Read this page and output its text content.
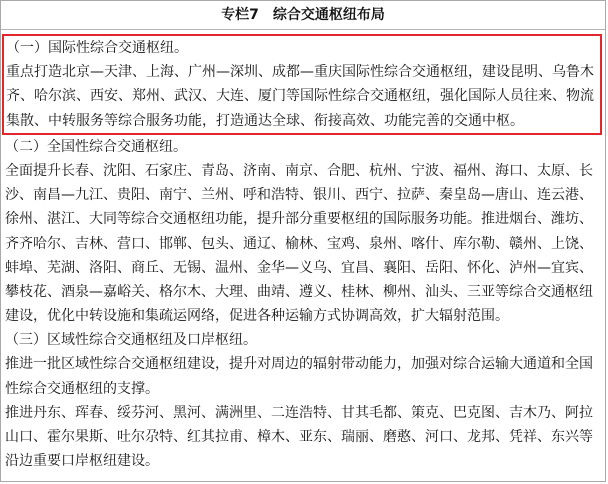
专栏7　综合交通枢纽布局
（一）国际性综合交通枢纽。
重点打造北京—天津、上海、广州—深圳、成都—重庆国际性综合交通枢纽，建设昆明、乌鲁木
齐、哈尔滨、西安、郑州、武汉、大连、厦门等国际性综合交通枢纽，强化国际人员往来、物流
集散、中转服务等综合服务功能，打造通达全球、衔接高效、功能完善的交通中枢。
（二）全国性综合交通枢纽。
全面提升长春、沈阳、石家庄、青岛、济南、南京、合肥、杭州、宁波、福州、海口、太原、长
沙、南昌—九江、贵阳、南宁、兰州、呼和浩特、银川、西宁、拉萨、秦皇岛—唐山、连云港、
徐州、湛江、大同等综合交通枢纽功能，提升部分重要枢纽的国际服务功能。推进烟台、潍坊、
齐齐哈尔、吉林、营口、邯郸、包头、通辽、榆林、宝鸡、泉州、喀什、库尔勒、赣州、上饶、
蚌埠、芜湖、洛阳、商丘、无锡、温州、金华—义乌、宜昌、襄阳、岳阳、怀化、泸州—宜宾、
攀枝花、酒泉—嘉峪关、格尔木、大理、曲靖、遵义、桂林、柳州、汕头、三亚等综合交通枢纽
建设，优化中转设施和集疏运网络，促进各种运输方式协调高效，扩大辐射范围。
（三）区域性综合交通枢纽及口岸枢纽。
推进一批区域性综合交通枢纽建设，提升对周边的辐射带动能力，加强对综合运输大通道和全国
性综合交通枢纽的支撑。
推进丹东、珲春、绥芬河、黑河、满洲里、二连浩特、甘其毛都、策克、巴克图、吉木乃、阿拉
山口、霍尔果斯、吐尔尕特、红其拉甫、樟木、亚东、瑞丽、磨憨、河口、龙邦、凭祥、东兴等
沿边重要口岸枢纽建设。
